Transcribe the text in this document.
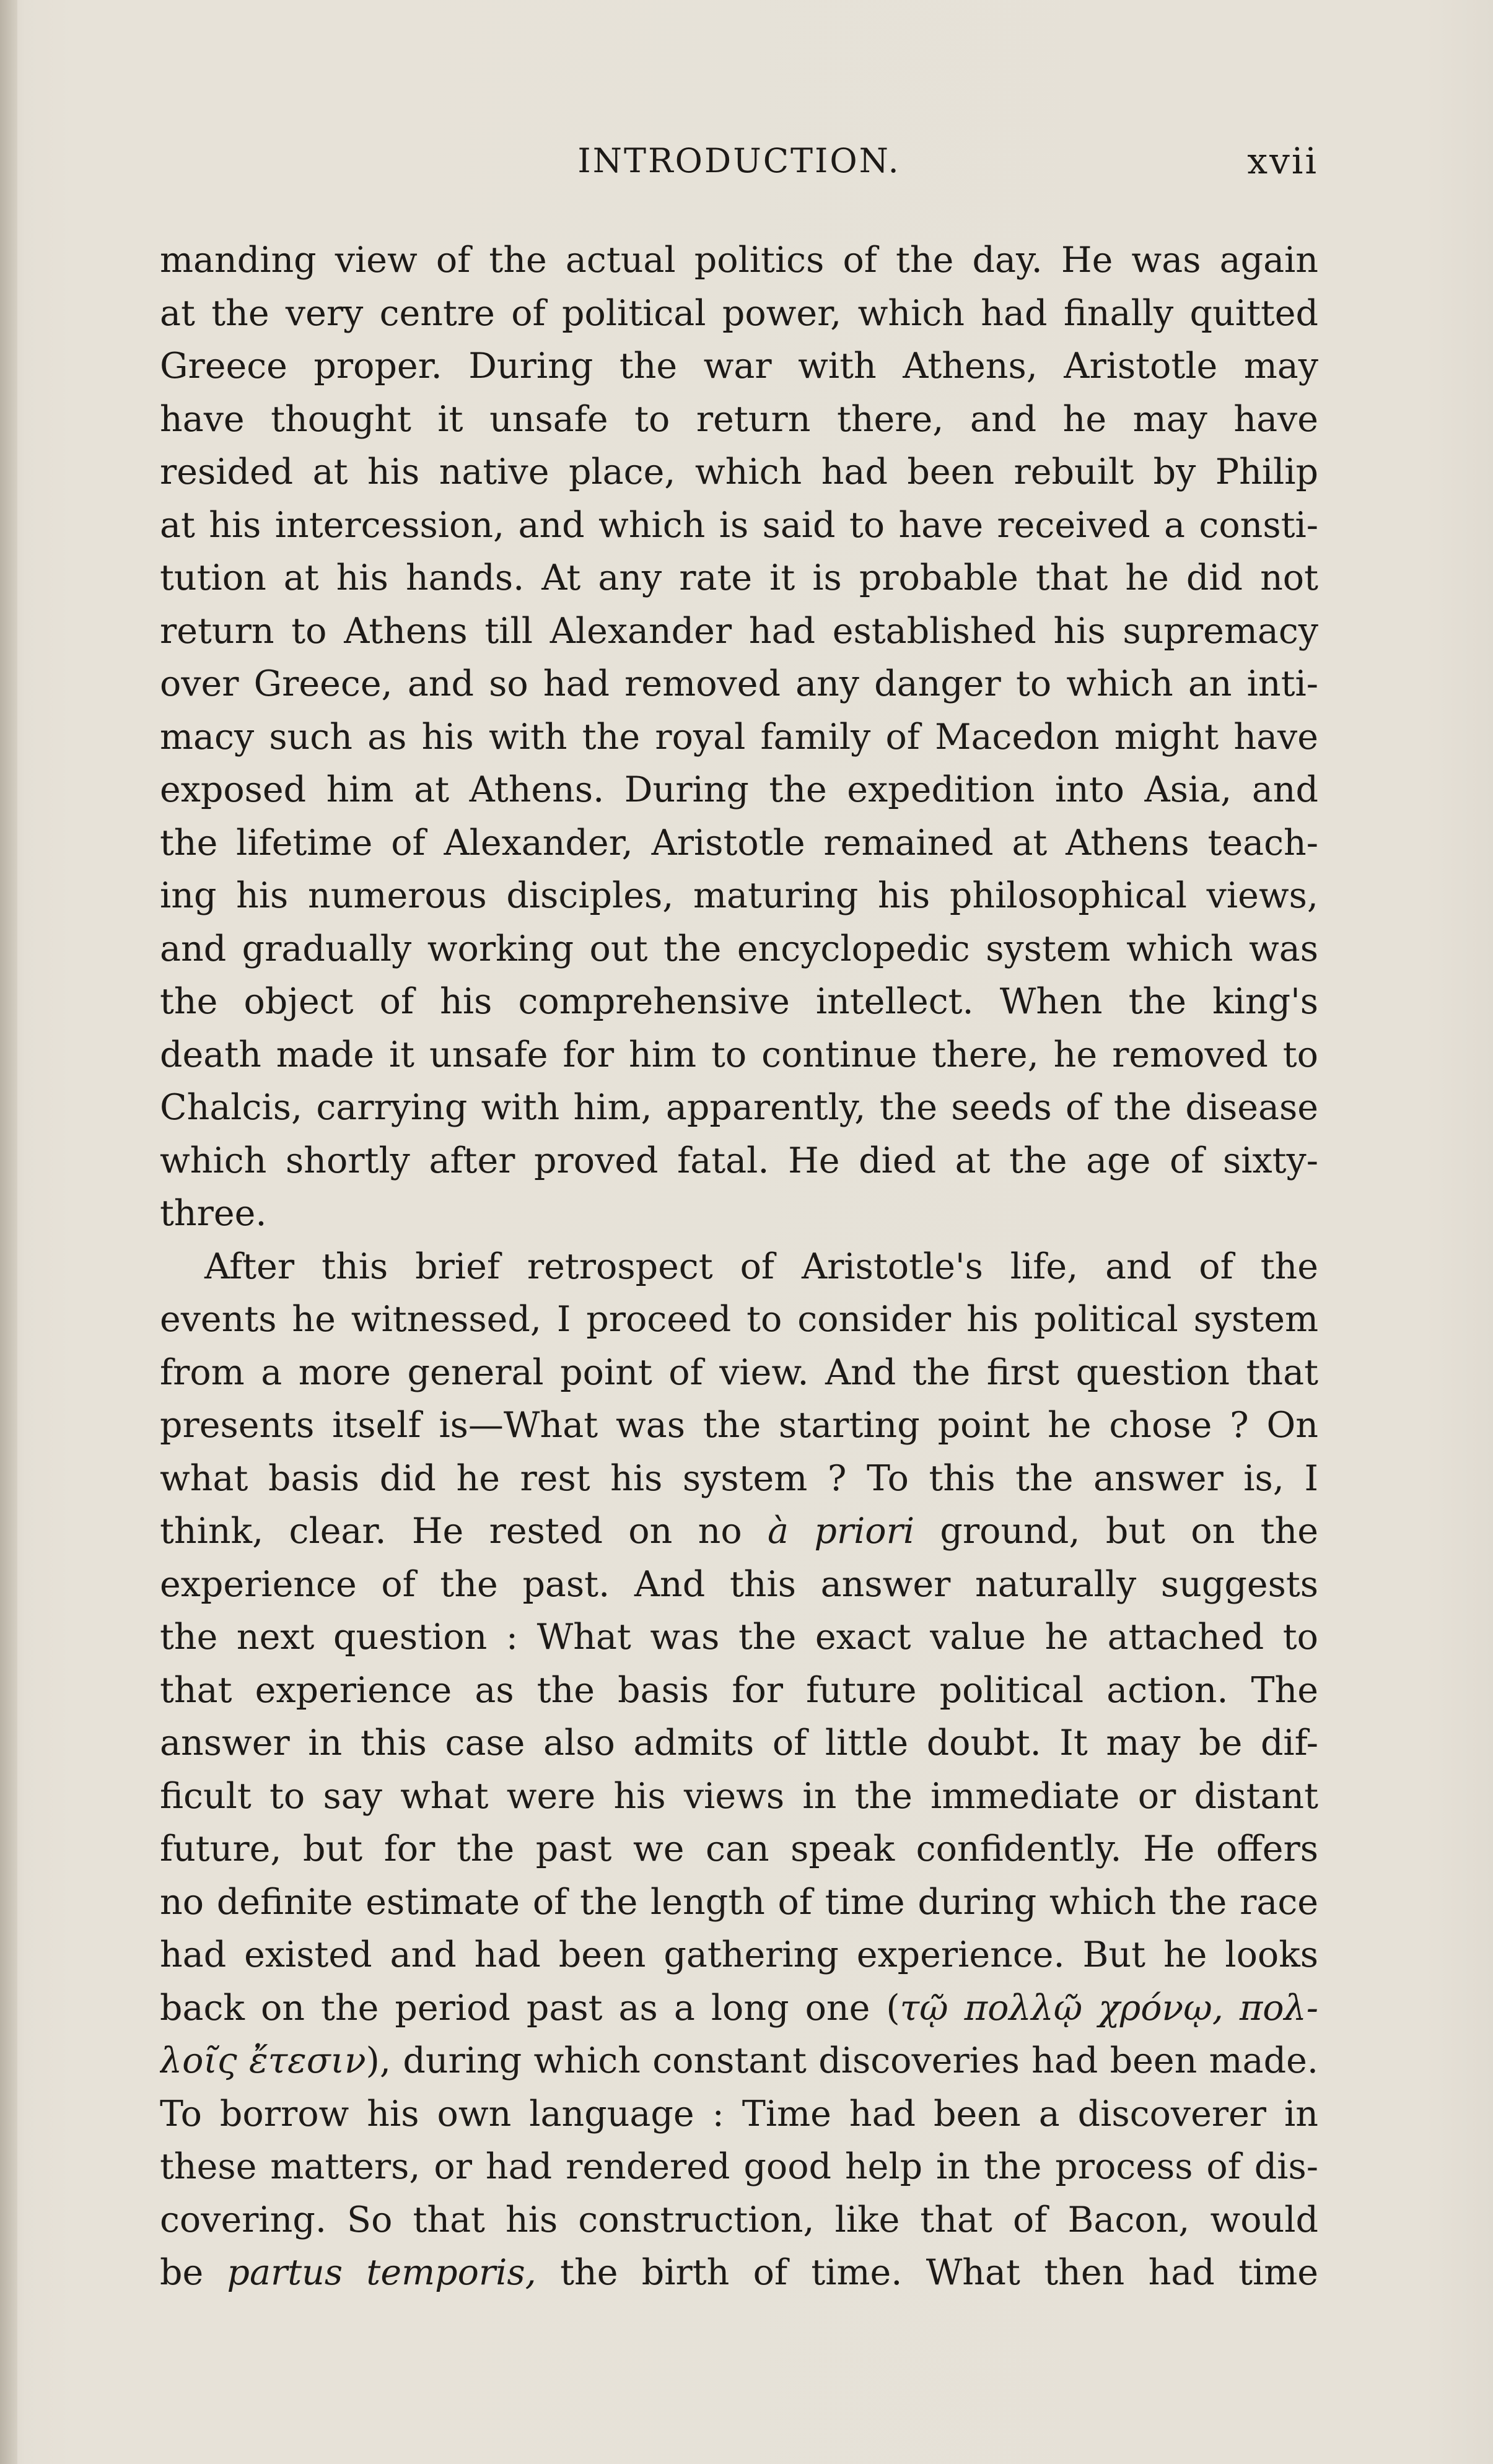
INTRODUCTION.	xvii
manding view of the actual politics of the day. He was again
at the very centre of political power, which had finally quitted
Greece proper. During the war with Athens, Aristotle may
have thought it unsafe to return there, and he may have
resided at his native place, which had been rebuilt by Philip
at his intercession, and which is said to have received a consti-
tution at his hands. At any rate it is probable that he did not
return to Athens till Alexander had established his supremacy
over Greece, and so had removed any danger to which an inti-
macy such as his with the royal family of Macedon might have
exposed him at Athens. During the expedition into Asia, and
the lifetime of Alexander, Aristotle remained at Athens teach-
ing his numerous disciples, maturing his philosophical views,
and gradually working out the encyclopedic system which was
the object of his comprehensive intellect. When the king's
death made it unsafe for him to continue there, he removed to
Chalcis, carrying with him, apparently, the seeds of the disease
which shortly after proved fatal. He died at the age of sixty-
three.
After this brief retrospect of Aristotle's life, and of the
events he witnessed, I proceed to consider his political system
from a more general point of view. And the first question that
presents itself is—What was the starting point he chose ? On
what basis did he rest his system ? To this the answer is, I
think, clear. He rested on no à priori ground, but on the
experience of the past. And this answer naturally suggests
the next question : What was the exact value he attached to
that experience as the basis for future political action. The
answer in this case also admits of little doubt. It may be dif-
ficult to say what were his views in the immediate or distant
future, but for the past we can speak confidently. He offers
no definite estimate of the length of time during which the race
had existed and had been gathering experience. But he looks
back on the period past as a long one (τῷ πολλῷ χρόνῳ, πολ-
λοῖς ἔτεσιν), during which constant discoveries had been made.
To borrow his own language : Time had been a discoverer in
these matters, or had rendered good help in the process of dis-
covering. So that his construction, like that of Bacon, would
be partus temporis, the birth of time. What then had time
